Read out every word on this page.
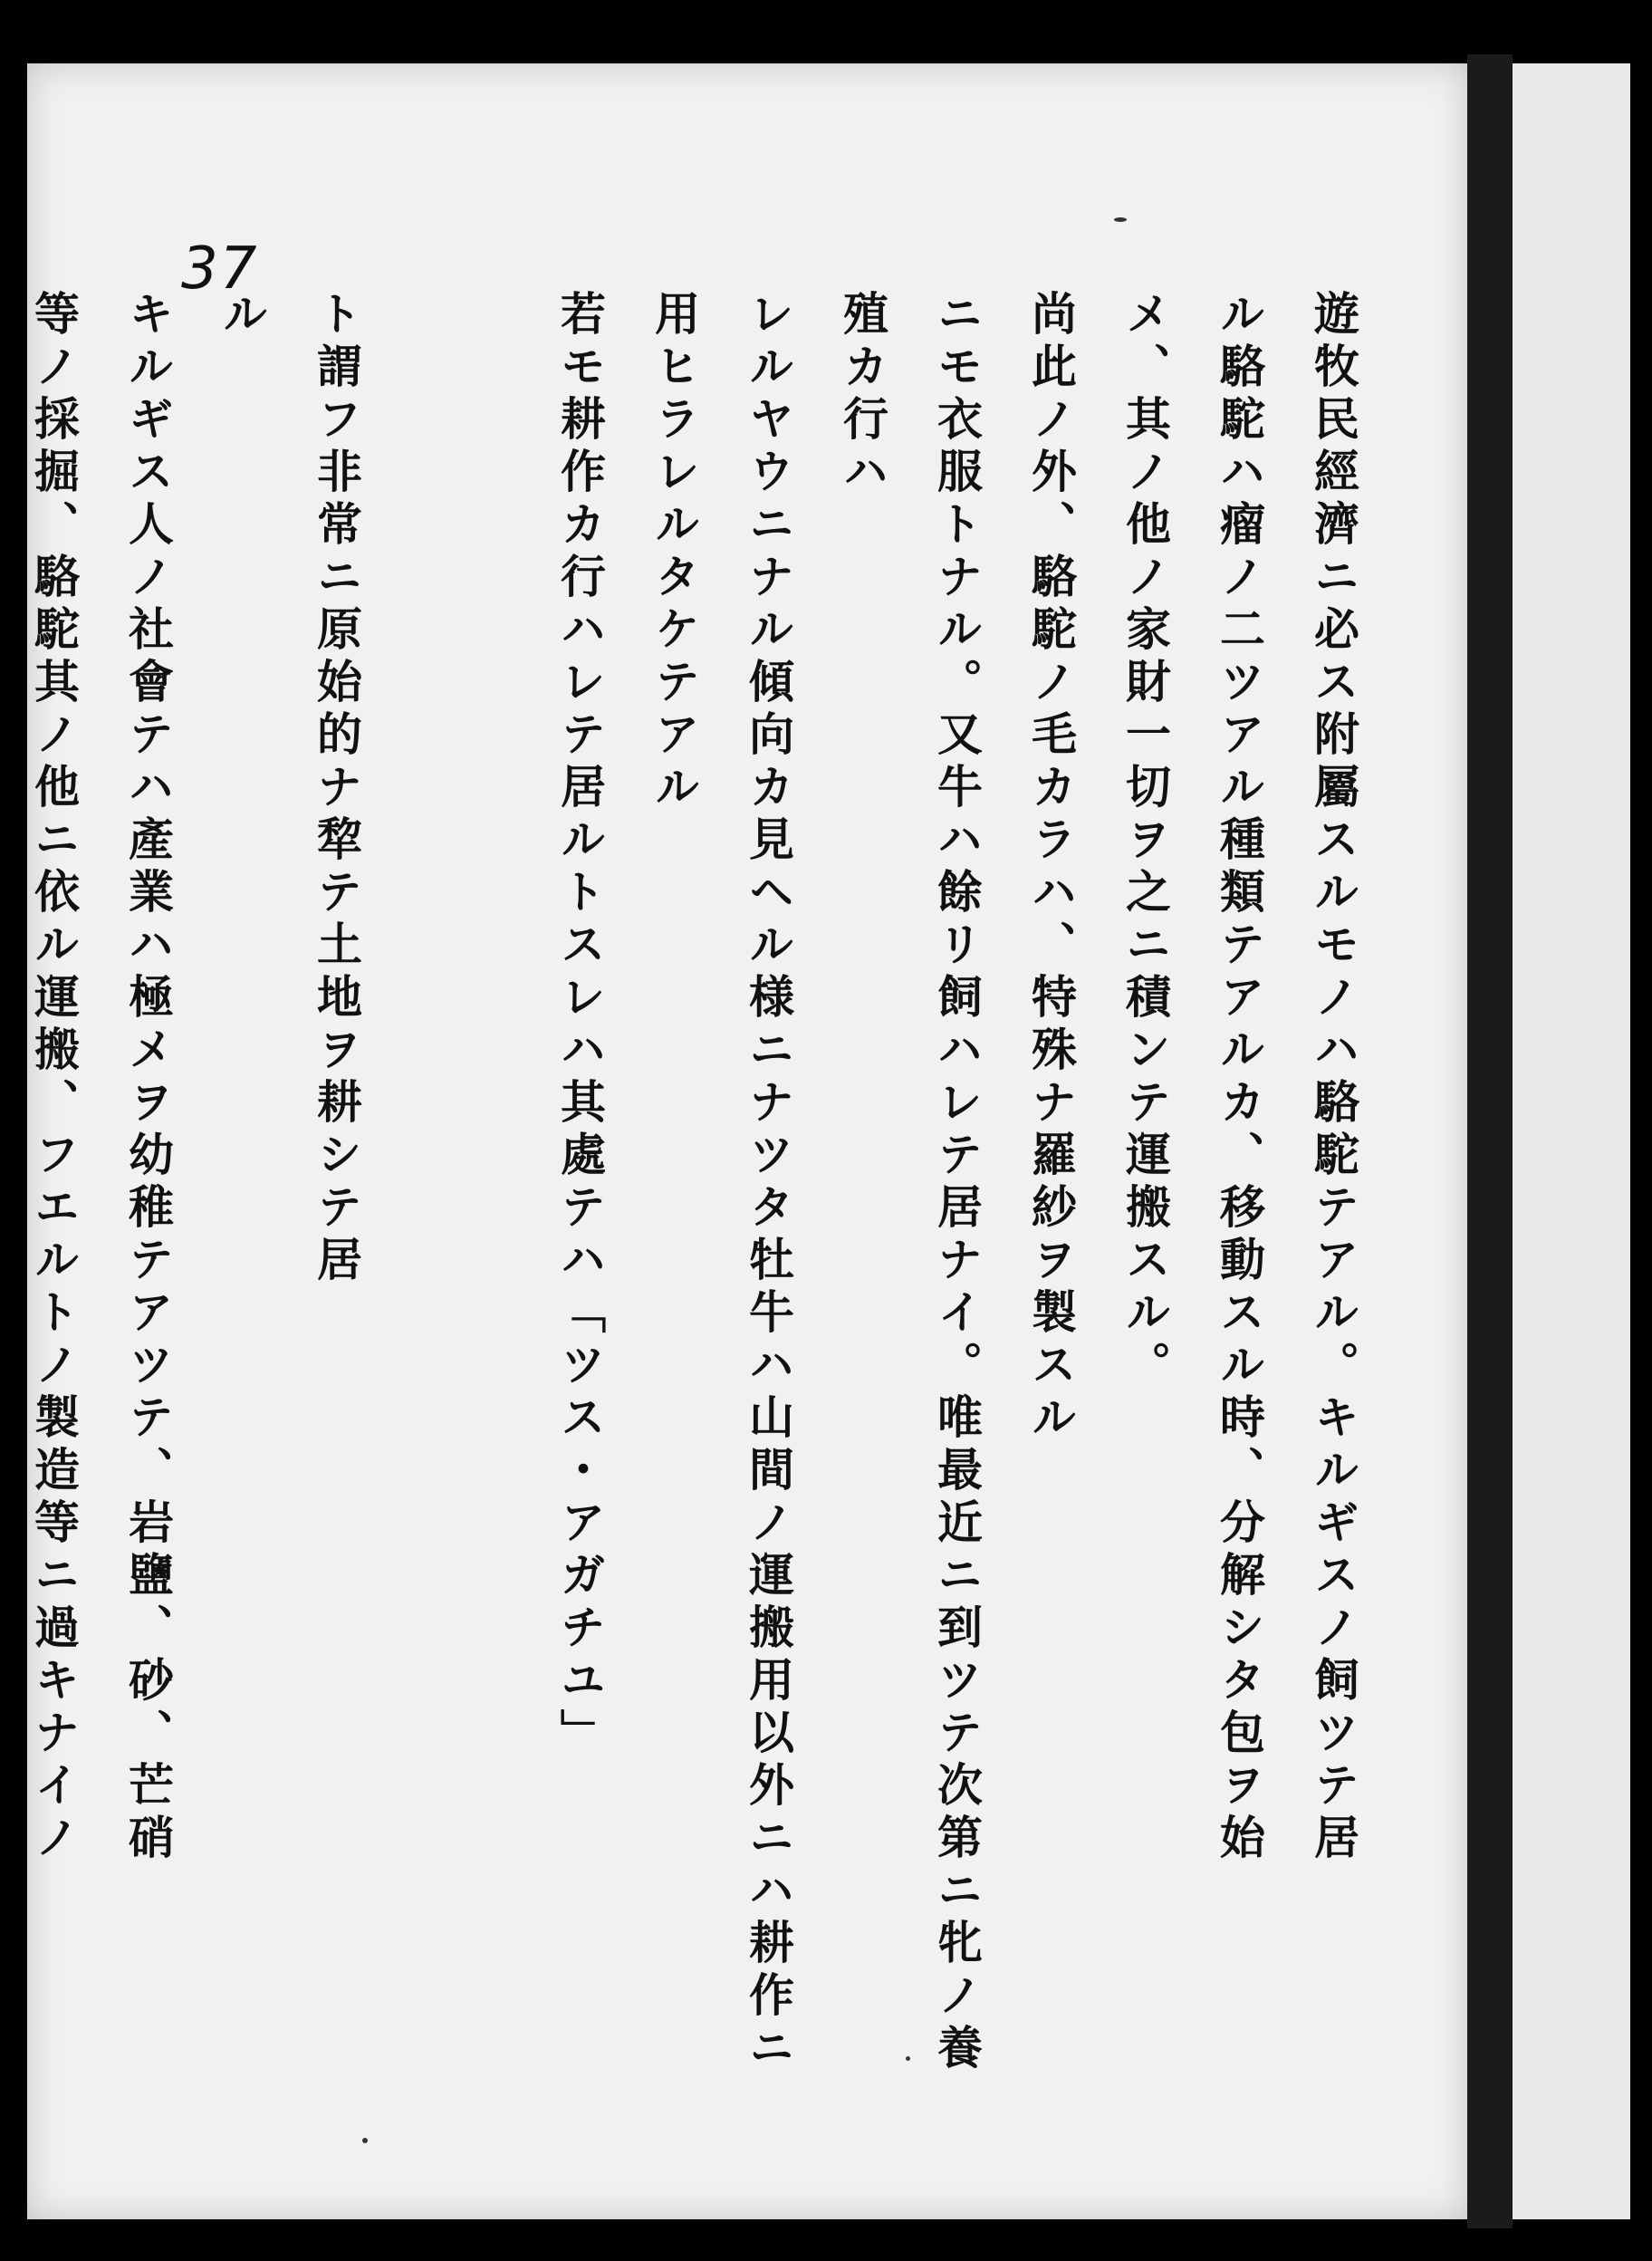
37
遊牧民經濟ニ必ス附屬スルモノハ駱駝テアル。キルギスノ飼ツテ居
ル駱駝ハ瘤ノ二ツアル種類テアルカ、移動スル時、分解シタ包ヲ始
メ、其ノ他ノ家財一切ヲ之ニ積ンテ運搬スル。
尚此ノ外、駱駝ノ毛カラハ、特殊ナ羅紗ヲ製スル
ニモ衣服トナル。又牛ハ餘リ飼ハレテ居ナイ。唯最近ニ到ツテ次第ニ牝ノ養殖カ行ハ
レルヤウニナル傾向カ見ヘル様ニナツタ牡牛ハ山間ノ運搬用以外ニハ耕作ニ
用ヒラレルタケテアル
若モ耕作カ行ハレテ居ルトスレハ其處テハ「ツス・アガチユ」
ト謂フ非常ニ原始的ナ犂テ土地ヲ耕シテ居
ル
キルギス人ノ社會テハ產業ハ極メヲ幼稚テアツテ、岩鹽、砂、芒硝
等ノ採掘、駱駝其ノ他ニ依ル運搬、フエルトノ製造等ニ過キナイノ
